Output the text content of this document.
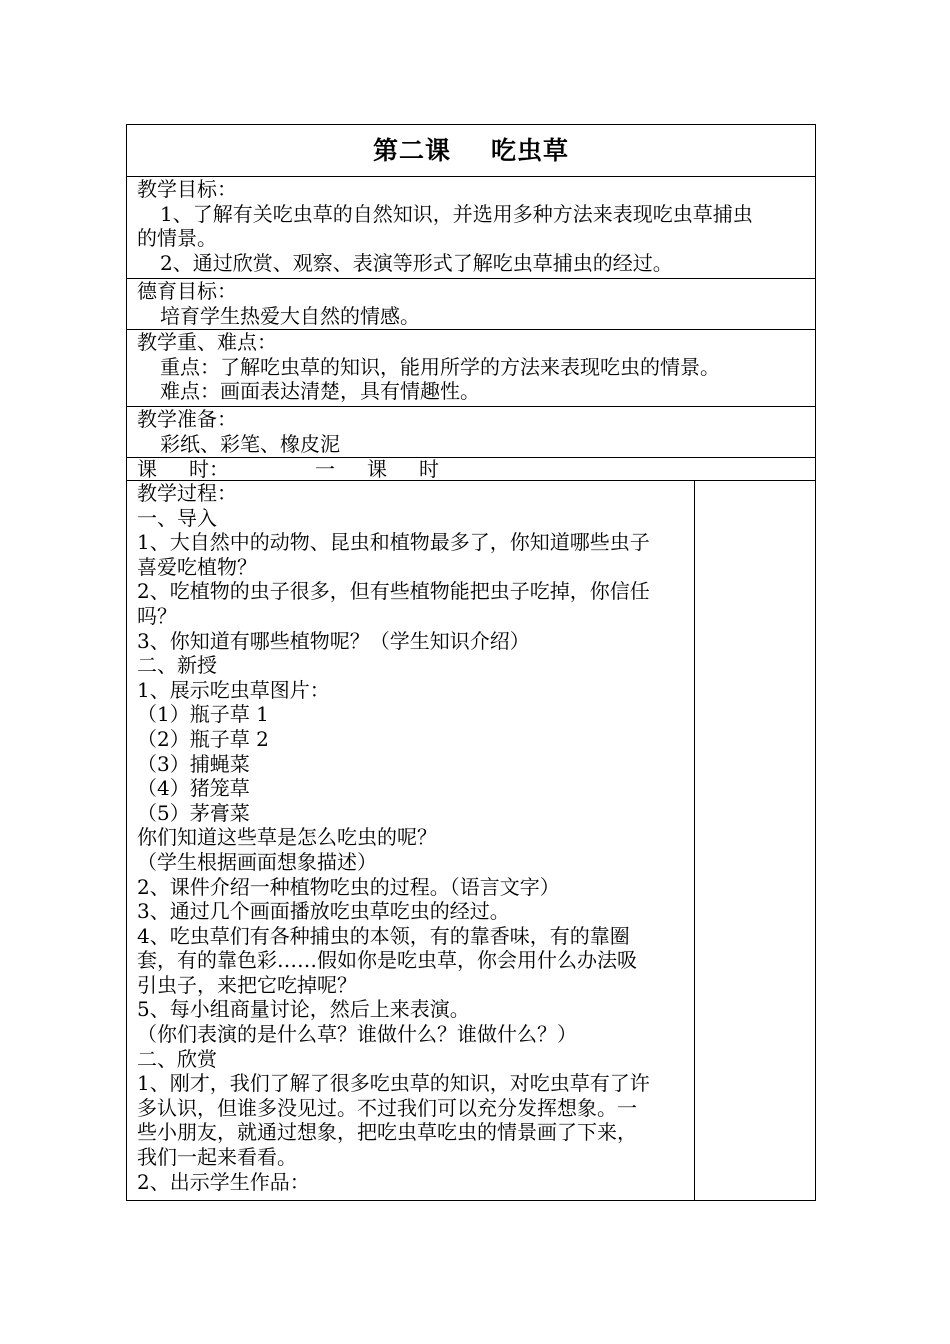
第二课 吃虫草
教学目标：
1、了解有关吃虫草的自然知识，并选用多种方法来表现吃虫草捕虫
的情景。
2、通过欣赏、观察、表演等形式了解吃虫草捕虫的经过。
德育目标：
培育学生热爱大自然的情感。
教学重、难点：
重点：了解吃虫草的知识，能用所学的方法来表现吃虫的情景。
难点：画面表达清楚，具有情趣性。
教学准备：
彩纸、彩笔、橡皮泥
课 时：	一 课 时
教学过程：
一、导入
1、大自然中的动物、昆虫和植物最多了，你知道哪些虫子
喜爱吃植物？
2、吃植物的虫子很多，但有些植物能把虫子吃掉，你信任
吗？
3、你知道有哪些植物呢？（学生知识介绍）
二、新授
1、展示吃虫草图片：
（1）瓶子草 1
（2）瓶子草 2
（3）捕蝇菜
（4）猪笼草
（5）茅膏菜
你们知道这些草是怎么吃虫的呢？
（学生根据画面想象描述）
2、课件介绍一种植物吃虫的过程。（语言文字）
3、通过几个画面播放吃虫草吃虫的经过。
4、吃虫草们有各种捕虫的本领，有的靠香味，有的靠圈
套，有的靠色彩……假如你是吃虫草，你会用什么办法吸
引虫子，来把它吃掉呢？
5、每小组商量讨论，然后上来表演。
（你们表演的是什么草？谁做什么？谁做什么？）
二、欣赏
1、刚才，我们了解了很多吃虫草的知识，对吃虫草有了许
多认识，但谁多没见过。不过我们可以充分发挥想象。一
些小朋友，就通过想象，把吃虫草吃虫的情景画了下来，
我们一起来看看。
2、出示学生作品：
